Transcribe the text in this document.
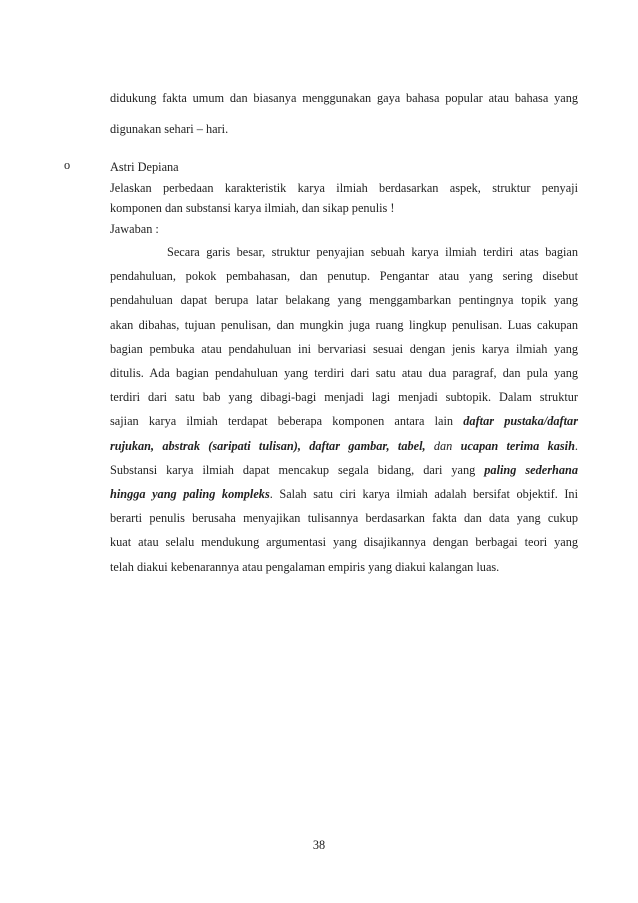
didukung fakta umum dan biasanya menggunakan gaya bahasa popular atau bahasa yang
digunakan sehari – hari.
o	Astri Depiana
Jelaskan perbedaan karakteristik karya ilmiah berdasarkan aspek, struktur penyaji
komponen dan substansi karya ilmiah, dan sikap penulis !
Jawaban :
Secara garis besar, struktur penyajian sebuah karya ilmiah terdiri atas bagian
pendahuluan, pokok pembahasan, dan penutup. Pengantar atau yang sering disebut
pendahuluan dapat berupa latar belakang yang menggambarkan pentingnya topik yang
akan dibahas, tujuan penulisan, dan mungkin juga ruang lingkup penulisan. Luas cakupan
bagian pembuka atau pendahuluan ini bervariasi sesuai dengan jenis karya ilmiah yang
ditulis. Ada bagian pendahuluan yang terdiri dari satu atau dua paragraf, dan pula yang
terdiri dari satu bab yang dibagi-bagi menjadi lagi menjadi subtopik. Dalam struktur
sajian karya ilmiah terdapat beberapa komponen antara lain daftar pustaka/daftar
rujukan, abstrak (saripati tulisan), daftar gambar, tabel, dan ucapan terima kasih.
Substansi karya ilmiah dapat mencakup segala bidang, dari yang paling sederhana
hingga yang paling kompleks. Salah satu ciri karya ilmiah adalah bersifat objektif. Ini
berarti penulis berusaha menyajikan tulisannya berdasarkan fakta dan data yang cukup
kuat atau selalu mendukung argumentasi yang disajikannya dengan berbagai teori yang
telah diakui kebenarannya atau pengalaman empiris yang diakui kalangan luas.
38
